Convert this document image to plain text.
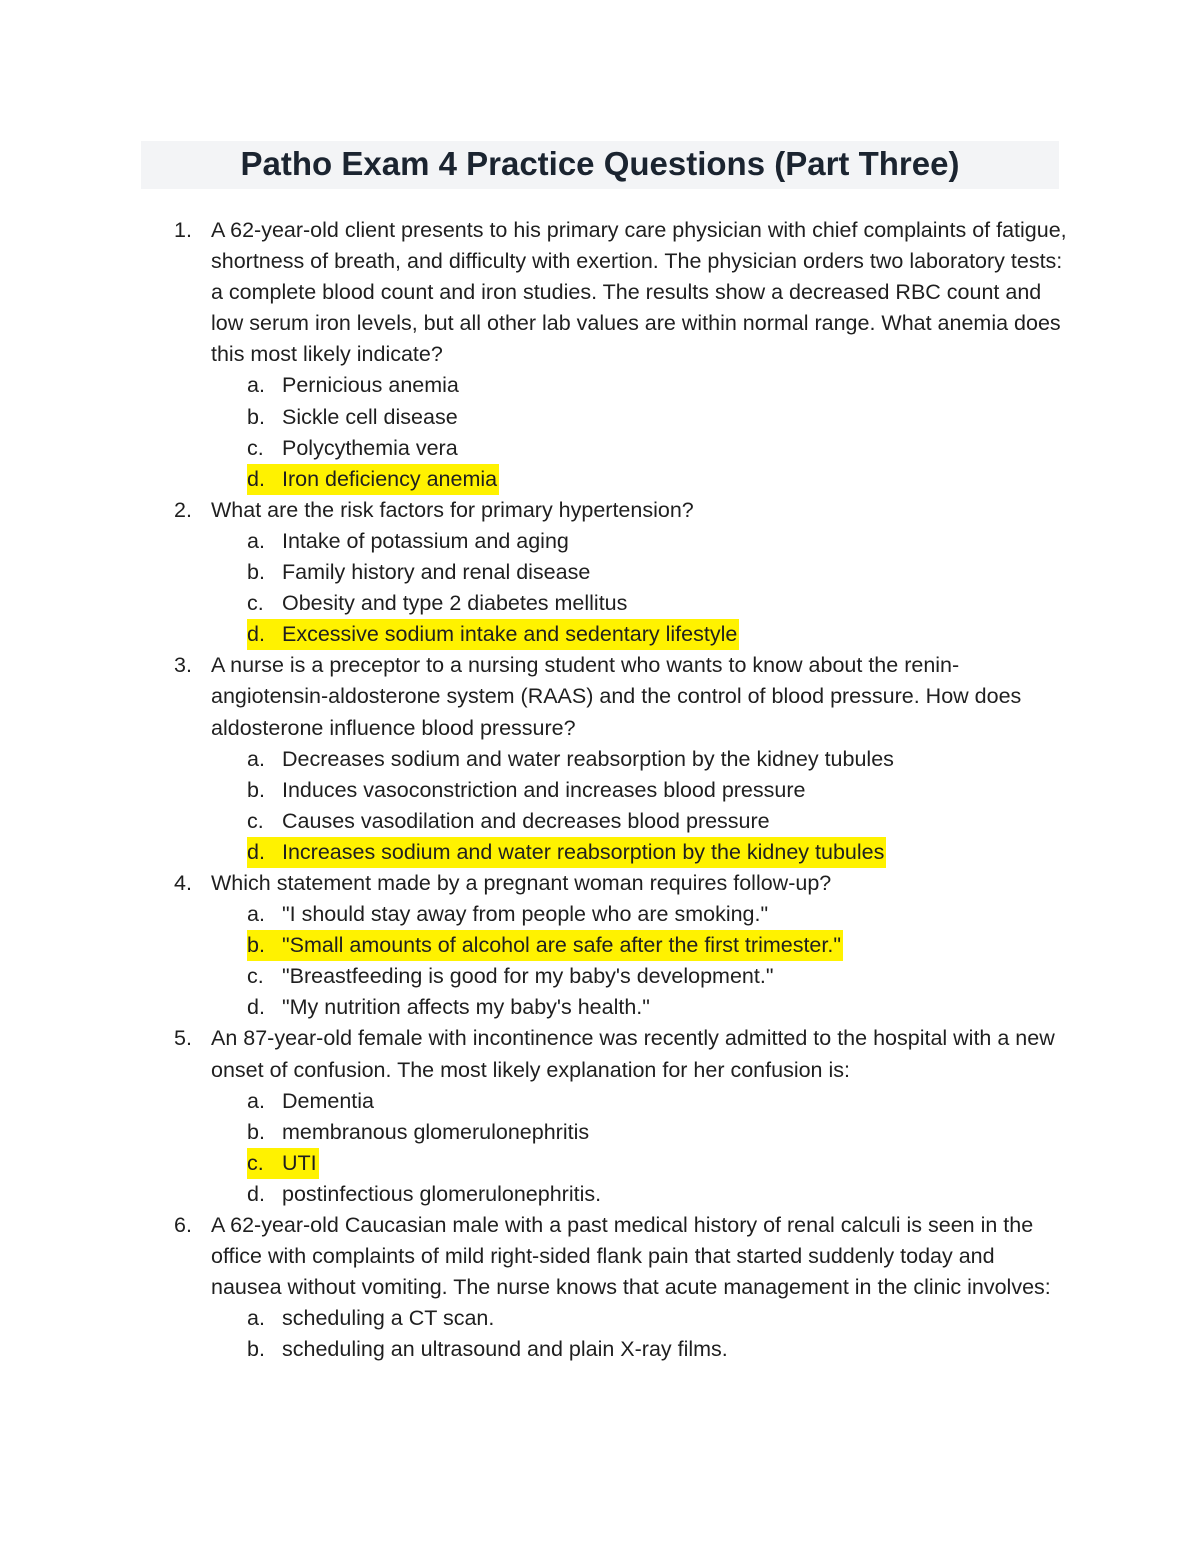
Patho Exam 4 Practice Questions (Part Three)
1. A 62-year-old client presents to his primary care physician with chief complaints of fatigue, shortness of breath, and difficulty with exertion. The physician orders two laboratory tests: a complete blood count and iron studies. The results show a decreased RBC count and low serum iron levels, but all other lab values are within normal range. What anemia does this most likely indicate?

a. Pernicious anemia
b. Sickle cell disease
c. Polycythemia vera
d. Iron deficiency anemia
2. What are the risk factors for primary hypertension?

a. Intake of potassium and aging
b. Family history and renal disease
c. Obesity and type 2 diabetes mellitus
d. Excessive sodium intake and sedentary lifestyle
3. A nurse is a preceptor to a nursing student who wants to know about the renin-angiotensin-aldosterone system (RAAS) and the control of blood pressure. How does aldosterone influence blood pressure?

a. Decreases sodium and water reabsorption by the kidney tubules
b. Induces vasoconstriction and increases blood pressure
c. Causes vasodilation and decreases blood pressure
d. Increases sodium and water reabsorption by the kidney tubules
4. Which statement made by a pregnant woman requires follow-up?

a. "I should stay away from people who are smoking."
b. "Small amounts of alcohol are safe after the first trimester."
c. "Breastfeeding is good for my baby's development."
d. "My nutrition affects my baby's health."
5. An 87-year-old female with incontinence was recently admitted to the hospital with a new onset of confusion. The most likely explanation for her confusion is:

a. Dementia
b. membranous glomerulonephritis
c. UTI
d. postinfectious glomerulonephritis.
6. A 62-year-old Caucasian male with a past medical history of renal calculi is seen in the office with complaints of mild right-sided flank pain that started suddenly today and nausea without vomiting. The nurse knows that acute management in the clinic involves:

a. scheduling a CT scan.
b. scheduling an ultrasound and plain X-ray films.
